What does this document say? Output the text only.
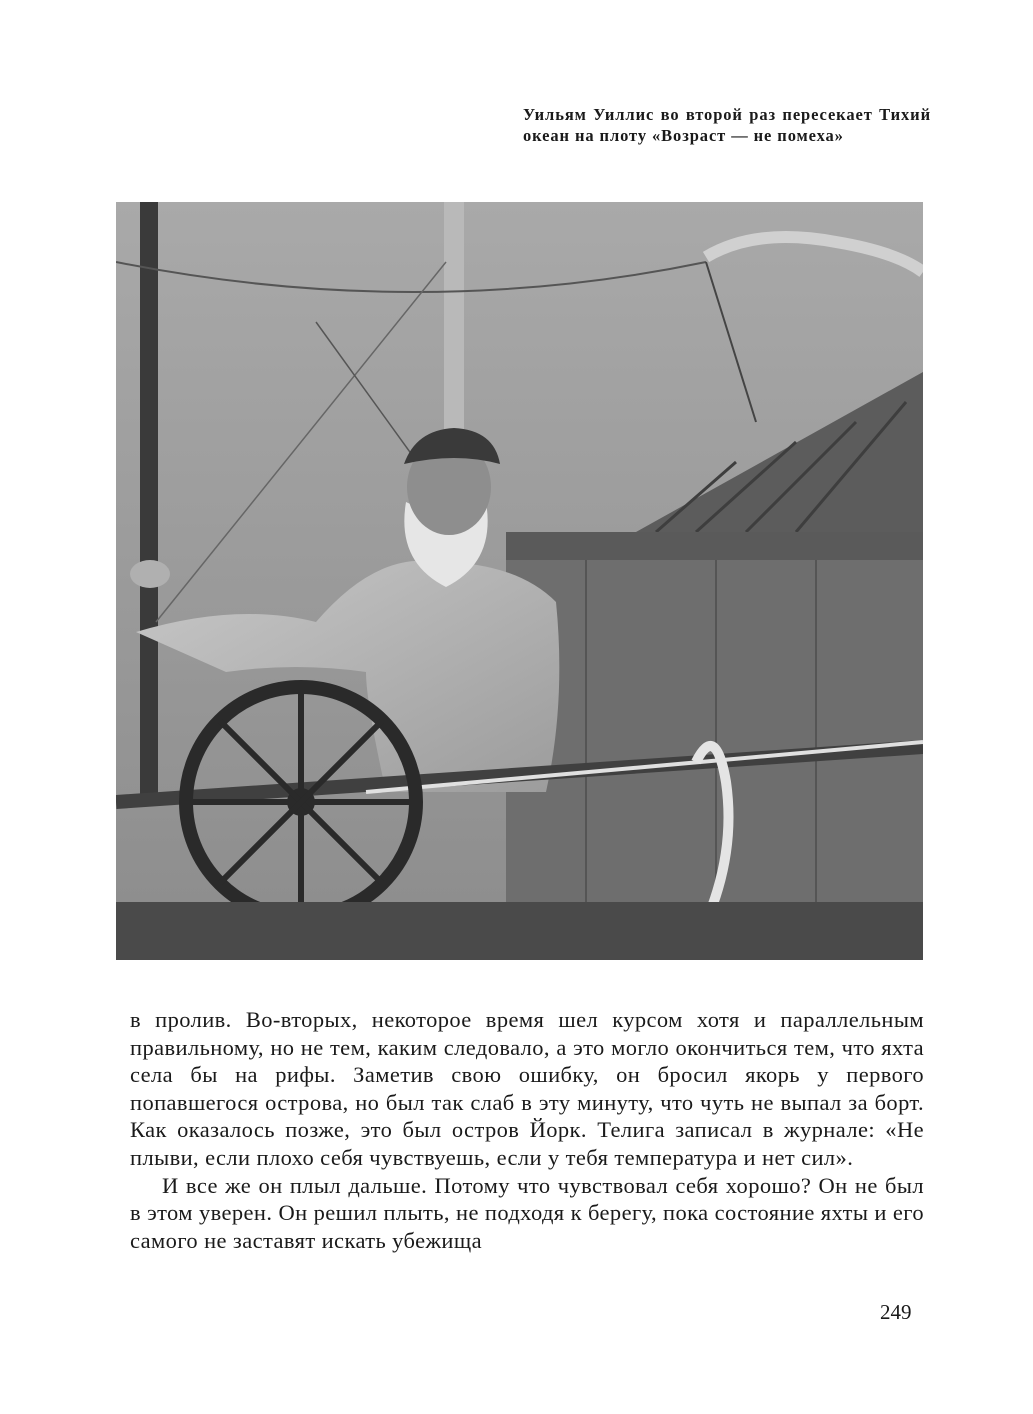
Уильям Уиллис во второй раз пересекает Тихий океан на плоту «Возраст — не помеха»

в пролив. Во-вторых, некоторое время шел курсом хотя и параллельным правильному, но не тем, каким следовало, а это могло окончиться тем, что яхта села бы на рифы. Заметив свою ошибку, он бросил якорь у первого попавшегося острова, но был так слаб в эту минуту, что чуть не выпал за борт. Как оказалось позже, это был остров Йорк. Телига записал в журнале: «Не плыви, если плохо себя чувствуешь, если у тебя температура и нет сил».

И все же он плыл дальше. Потому что чувствовал себя хорошо? Он не был в этом уверен. Он решил плыть, не подходя к берегу, пока состояние яхты и его самого не заставят искать убежища

249
